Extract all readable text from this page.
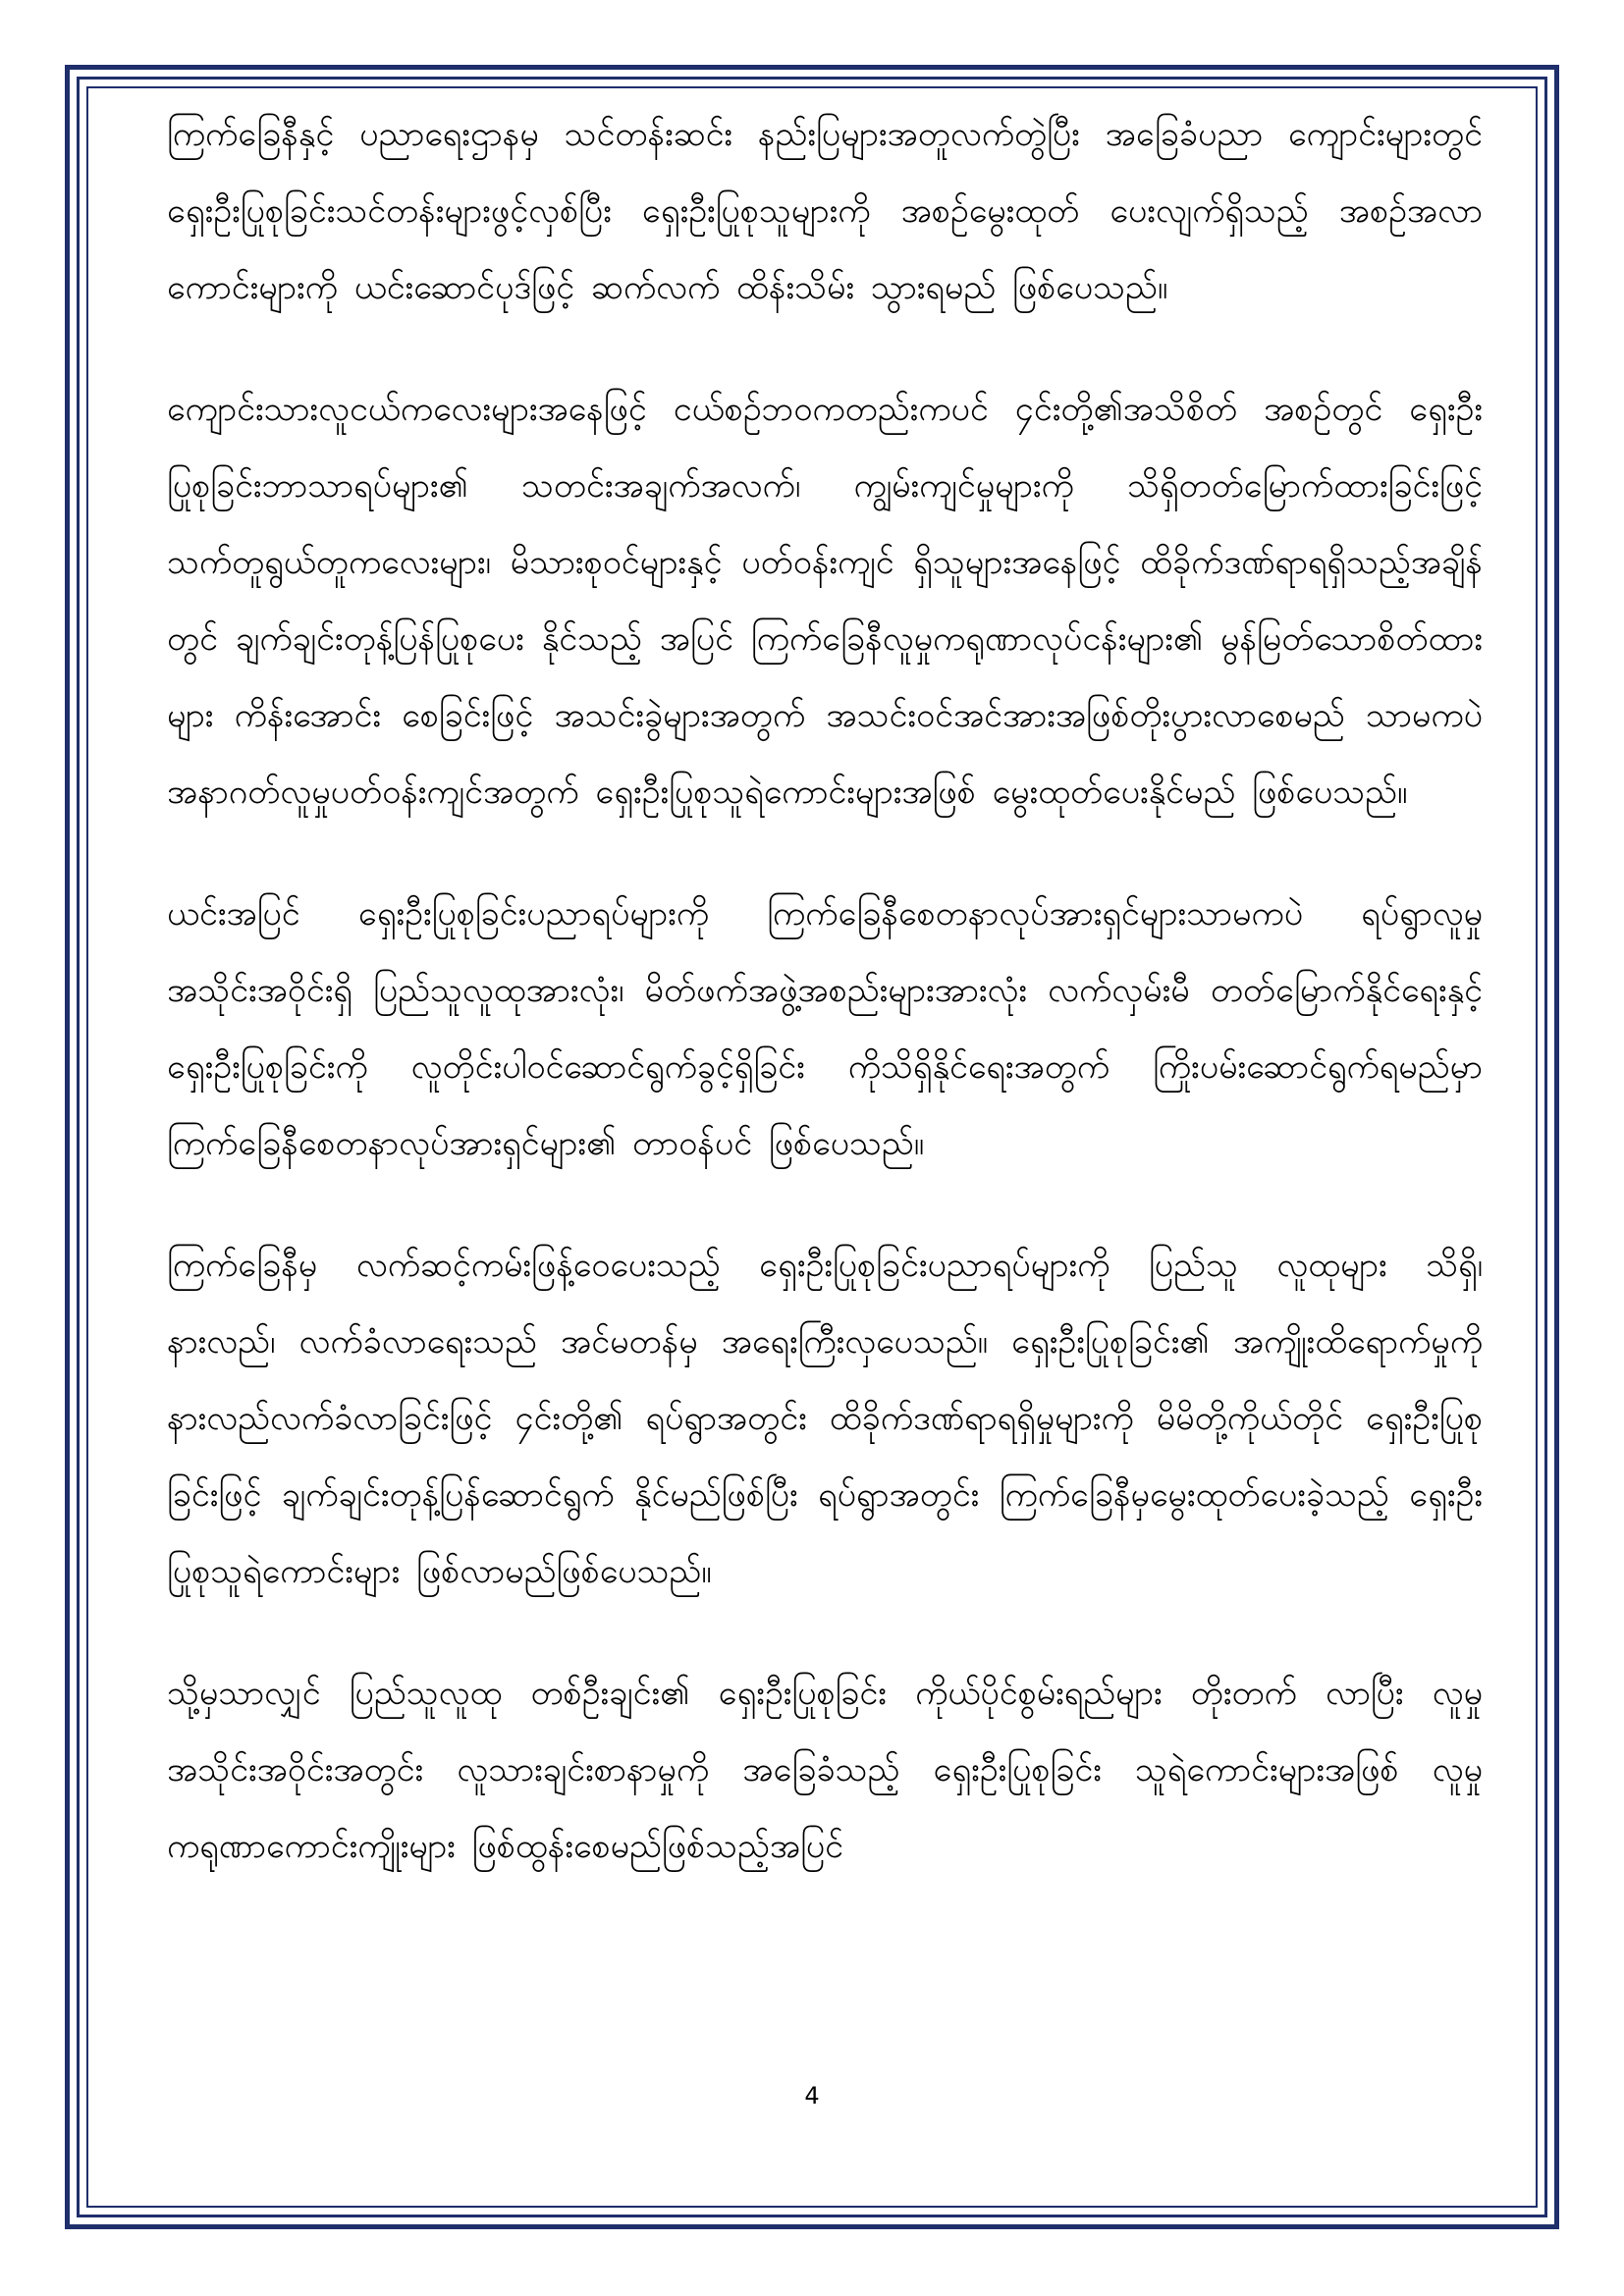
ကြက်ခြေနီနှင့် ပညာရေးဌာနမှ သင်တန်းဆင်း နည်းပြများအတူလက်တွဲပြီး အခြေခံပညာ ကျောင်းများတွင် ရှေးဦးပြုစုခြင်းသင်တန်းများဖွင့်လှစ်ပြီး ရှေးဦးပြုစုသူများကို အစဉ်မွေးထုတ် ပေးလျက်ရှိသည့် အစဉ်အလာကောင်းများကို ယင်းဆောင်ပုဒ်ဖြင့် ဆက်လက် ထိန်းသိမ်း သွားရမည် ဖြစ်ပေသည်။

ကျောင်းသားလူငယ်ကလေးများအနေဖြင့် ငယ်စဉ်ဘဝကတည်းကပင် ၄င်းတို့၏အသိစိတ် အစဉ်တွင် ရှေးဦးပြုစုခြင်းဘာသာရပ်များ၏ သတင်းအချက်အလက်၊ ကျွမ်းကျင်မှုများကို သိရှိတတ်မြောက်ထားခြင်းဖြင့် သက်တူရွယ်တူကလေးများ၊ မိသားစုဝင်များနှင့် ပတ်ဝန်းကျင် ရှိသူများအနေဖြင့် ထိခိုက်ဒဏ်ရာရရှိသည့်အချိန်တွင် ချက်ချင်းတုန့်ပြန်ပြုစုပေး နိုင်သည့် အပြင် ကြက်ခြေနီလူမှုကရုဏာလုပ်ငန်းများ၏ မွန်မြတ်သောစိတ်ထားများ ကိန်းအောင်း စေခြင်းဖြင့် အသင်းခွဲများအတွက် အသင်းဝင်အင်အားအဖြစ်တိုးပွားလာစေမည် သာမကပဲ အနာဂတ်လူမှုပတ်ဝန်းကျင်အတွက် ရှေးဦးပြုစုသူရဲကောင်းများအဖြစ် မွေးထုတ်ပေးနိုင်မည် ဖြစ်ပေသည်။

ယင်းအပြင် ရှေးဦးပြုစုခြင်းပညာရပ်များကို ကြက်ခြေနီစေတနာလုပ်အားရှင်များသာမကပဲ ရပ်ရွာလူမှုအသိုင်းအဝိုင်းရှိ ပြည်သူလူထုအားလုံး၊ မိတ်ဖက်အဖွဲ့အစည်းများအားလုံး လက်လှမ်းမီ တတ်မြောက်နိုင်ရေးနှင့် ရှေးဦးပြုစုခြင်းကို လူတိုင်းပါဝင်ဆောင်ရွက်ခွင့်ရှိခြင်း ကိုသိရှိနိုင်ရေးအတွက် ကြိုးပမ်းဆောင်ရွက်ရမည်မှာ ကြက်ခြေနီစေတနာလုပ်အားရှင်များ၏ တာဝန်ပင် ဖြစ်ပေသည်။

ကြက်ခြေနီမှ လက်ဆင့်ကမ်းဖြန့်ဝေပေးသည့် ရှေးဦးပြုစုခြင်းပညာရပ်များကို ပြည်သူ လူထုများ သိရှိ၊ နားလည်၊ လက်ခံလာရေးသည် အင်မတန်မှ အရေးကြီးလှပေသည်။ ရှေးဦးပြုစုခြင်း၏ အကျိုးထိရောက်မှုကို နားလည်လက်ခံလာခြင်းဖြင့် ၄င်းတို့၏ ရပ်ရွာအတွင်း ထိခိုက်ဒဏ်ရာရရှိမှုများကို မိမိတို့ကိုယ်တိုင် ရှေးဦးပြုစုခြင်းဖြင့် ချက်ချင်းတုန့်ပြန်ဆောင်ရွက် နိုင်မည်ဖြစ်ပြီး ရပ်ရွာအတွင်း ကြက်ခြေနီမှမွေးထုတ်ပေးခဲ့သည့် ရှေးဦးပြုစုသူရဲကောင်းများ ဖြစ်လာမည်ဖြစ်ပေသည်။

သို့မှသာလျှင် ပြည်သူလူထု တစ်ဦးချင်း၏ ရှေးဦးပြုစုခြင်း ကိုယ်ပိုင်စွမ်းရည်များ တိုးတက် လာပြီး လူမှုအသိုင်းအဝိုင်းအတွင်း လူသားချင်းစာနာမှုကို အခြေခံသည့် ရှေးဦးပြုစုခြင်း သူရဲကောင်းများအဖြစ် လူမှုကရုဏာကောင်းကျိုးများ ဖြစ်ထွန်းစေမည်ဖြစ်သည့်အပြင်

4
